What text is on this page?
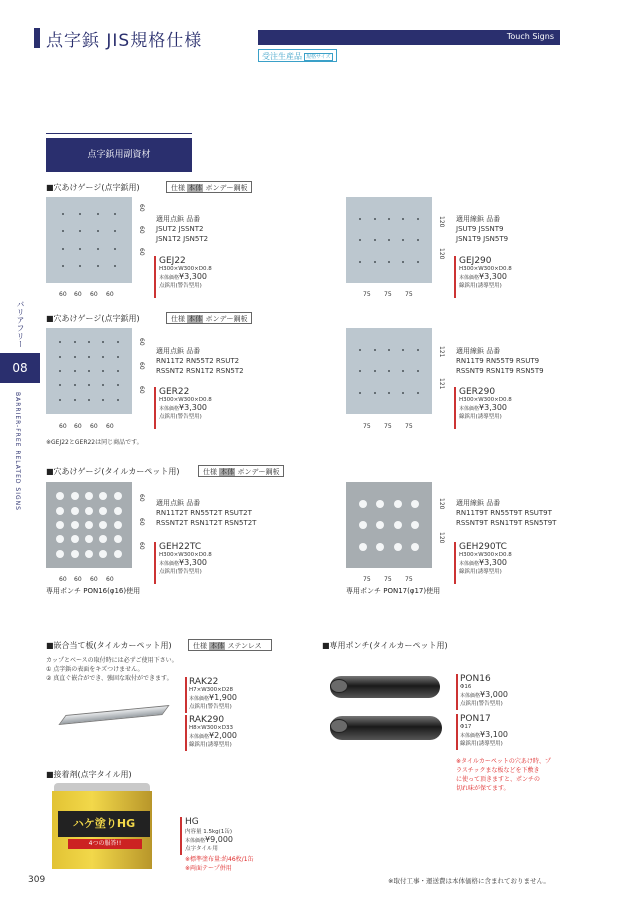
点字鋲 JIS規格仕様	Touch Signs
受注生産品 規格サイズ
点字鋲用副資材
バリアフリー
08
BARRIER-FREE RELATED SIGNS
■穴あけゲージ(点字鋲用)	仕様 本体 ボンデー鋼板
60
60
60
60 60 60 60
適用点鋲 品番
JSUT2 JSSNT2
JSN1T2 JSN5T2
GEJ22
H300×W300×D0.8
本体価格¥3,300
点鋲用(警告型用)
120
120
75 75 75
適用線鋲 品番
JSUT9 JSSNT9
JSN1T9 JSN5T9
GEJ290
H300×W300×D0.8
本体価格¥3,300
線鋲用(誘導型用)
■穴あけゲージ(点字鋲用)	仕様 本体 ボンデー鋼板
60
60
60
60 60 60 60
適用点鋲 品番
RN11T2 RN55T2 RSUT2
RSSNT2 RSN1T2 RSN5T2
GER22
H300×W300×D0.8
本体価格¥3,300
点鋲用(警告型用)
※GEJ22とGER22は同じ商品です。
121
121
75 75 75
適用線鋲 品番
RN11T9 RN55T9 RSUT9
RSSNT9 RSN1T9 RSN5T9
GER290
H300×W300×D0.8
本体価格¥3,300
線鋲用(誘導型用)
■穴あけゲージ(タイルカーペット用)	仕様 本体 ボンデー鋼板
60
60
60
60 60 60 60
適用点鋲 品番
RN11T2T RN55T2T RSUT2T
RSSNT2T RSN1T2T RSN5T2T
GEH22TC
H300×W300×D0.8
本体価格¥3,300
点鋲用(警告型用)
専用ポンチ PON16(φ16)使用
120
120
75 75 75
適用線鋲 品番
RN11T9T RN55T9T RSUT9T
RSSNT9T RSN1T9T RSN5T9T
GEH290TC
H300×W300×D0.8
本体価格¥3,300
線鋲用(誘導型用)
専用ポンチ PON17(φ17)使用
■嵌合当て板(タイルカーペット用)	仕様 本体 ステンレス
カップとベースの取付時には必ずご使用下さい。
① 点字鋲の表面をキズつけません。
② 真直ぐ嵌合ができ、強固な取付ができます。	RAK22
H7×W300×D28
本体価格¥1,900
点鋲用(警告型用)
RAK290
H8×W300×D33
本体価格¥2,000
線鋲用(誘導型用)
■専用ポンチ(タイルカーペット用)
PON16
Φ16
本体価格¥3,000
点鋲用(警告型用)
PON17
Φ17
本体価格¥3,100
線鋲用(誘導型用)
※タイルカーペットの穴あけ時、プ
ラスチックまな板などを下敷き
に使って頂きますと、ポンチの
切れ味が保てます。
■接着剤(点字タイル用)
ハケ塗りHG
4つの服答!!
HG
内容量 1.5kg(1缶)
本体価格¥9,000
点字タイル用
※標準塗布量:約46枚/1缶
※両面テープ併用
309	※取付工事・運送費は本体価格に含まれておりません。
